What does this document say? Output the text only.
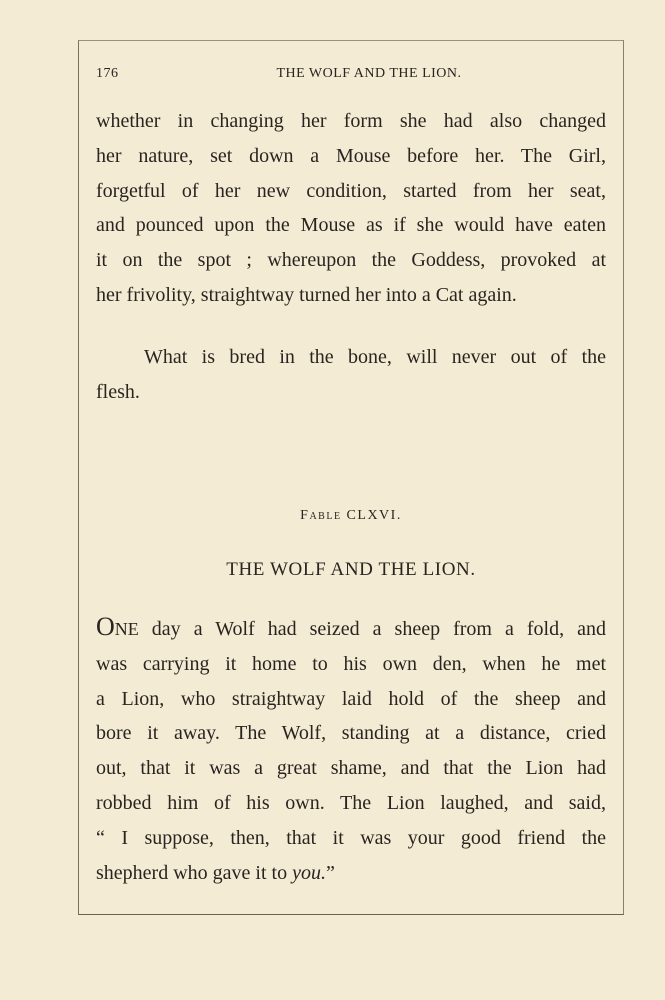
176	THE WOLF AND THE LION.
whether in changing her form she had also changed
her nature, set down a Mouse before her. The Girl,
forgetful of her new condition, started from her seat,
and pounced upon the Mouse as if she would have eaten
it on the spot ; whereupon the Goddess, provoked at
her frivolity, straightway turned her into a Cat again.
What is bred in the bone, will never out of the
flesh.
Fable CLXVI.
THE WOLF AND THE LION.
ONE day a Wolf had seized a sheep from a fold, and
was carrying it home to his own den, when he met
a Lion, who straightway laid hold of the sheep and
bore it away. The Wolf, standing at a distance, cried
out, that it was a great shame, and that the Lion had
robbed him of his own. The Lion laughed, and said,
“ I suppose, then, that it was your good friend the
shepherd who gave it to you.”
